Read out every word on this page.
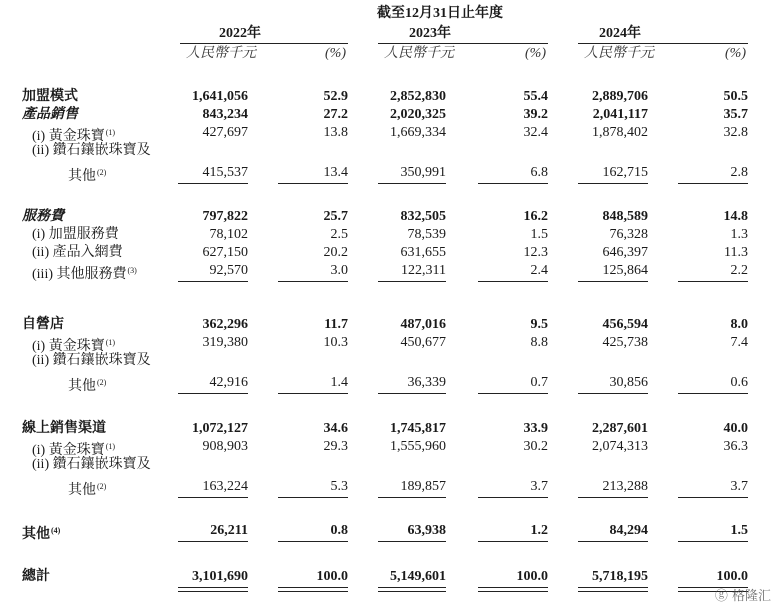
截至12月31日止年度
2022年	2023年	2024年
人民幣千元	(%)	人民幣千元	(%)	人民幣千元	(%)
加盟模式	1,641,056	52.9	2,852,830	55.4	2,889,706	50.5
產品銷售	843,234	27.2	2,020,325	39.2	2,041,117	35.7
(i) 黃金珠寶$^{(1)}$	427,697	13.8	1,669,334	32.4	1,878,402	32.8
(ii) 鑽石鑲嵌珠寶及
其他$^{(2)}$	415,537	13.4	350,991	6.8	162,715	2.8
服務費	797,822	25.7	832,505	16.2	848,589	14.8
(i) 加盟服務費	78,102	2.5	78,539	1.5	76,328	1.3
(ii) 產品入網費	627,150	20.2	631,655	12.3	646,397	11.3
(iii) 其他服務費$^{(3)}$	92,570	3.0	122,311	2.4	125,864	2.2
自營店	362,296	11.7	487,016	9.5	456,594	8.0
(i) 黃金珠寶$^{(1)}$	319,380	10.3	450,677	8.8	425,738	7.4
(ii) 鑽石鑲嵌珠寶及
其他$^{(2)}$	42,916	1.4	36,339	0.7	30,856	0.6
線上銷售渠道	1,072,127	34.6	1,745,817	33.9	2,287,601	40.0
(i) 黃金珠寶$^{(1)}$	908,903	29.3	1,555,960	30.2	2,074,313	36.3
(ii) 鑽石鑲嵌珠寶及
其他$^{(2)}$	163,224	5.3	189,857	3.7	213,288	3.7
其他$^{(4)}$	26,211	0.8	63,938	1.2	84,294	1.5
總計	3,101,690	100.0	5,149,601	100.0	5,718,195	100.0
ⓖ 格隆汇
